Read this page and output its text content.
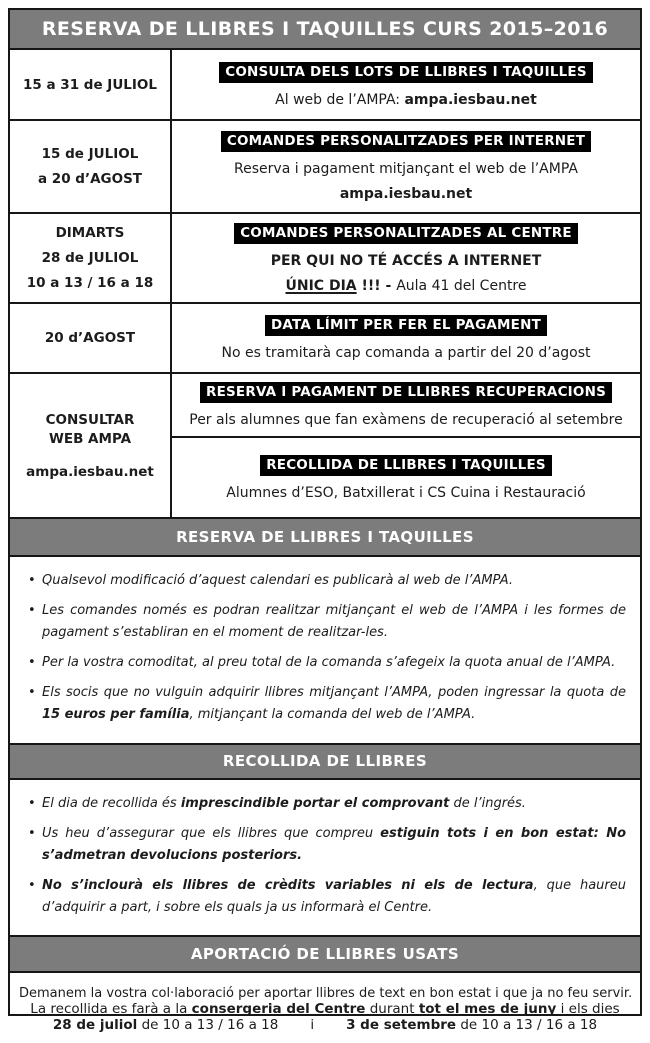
RESERVA DE LLIBRES I TAQUILLES CURS 2015–2016
15 a 31 de JULIOL
CONSULTA DELS LOTS DE LLIBRES I TAQUILLES
Al web de l’AMPA: ampa.iesbau.net
15 de JULIOL
a 20 d’AGOST
COMANDES PERSONALITZADES PER INTERNET
Reserva i pagament mitjançant el web de l’AMPA
ampa.iesbau.net
DIMARTS
28 de JULIOL
10 a 13 / 16 a 18
COMANDES PERSONALITZADES AL CENTRE
PER QUI NO TÉ ACCÉS A INTERNET
ÚNIC DIA !!! - Aula 41 del Centre
20 d’AGOST
DATA LÍMIT PER FER EL PAGAMENT
No es tramitarà cap comanda a partir del 20 d’agost
CONSULTAR
WEB AMPA
ampa.iesbau.net
RESERVA I PAGAMENT DE LLIBRES RECUPERACIONS
Per als alumnes que fan exàmens de recuperació al setembre
RECOLLIDA DE LLIBRES I TAQUILLES
Alumnes d’ESO, Batxillerat i CS Cuina i Restauració
RESERVA DE LLIBRES I TAQUILLES
• Qualsevol modificació d’aquest calendari es publicarà al web de l’AMPA.
• Les comandes només es podran realitzar mitjançant el web de l’AMPA i les formes de pagament s’establiran en el moment de realitzar-les.
• Per la vostra comoditat, al preu total de la comanda s’afegeix la quota anual de l’AMPA.
• Els socis que no vulguin adquirir llibres mitjançant l’AMPA, poden ingressar la quota de 15 euros per família, mitjançant la comanda del web de l’AMPA.
RECOLLIDA DE LLIBRES
• El dia de recollida és imprescindible portar el comprovant de l’ingrés.
• Us heu d’assegurar que els llibres que compreu estiguin tots i en bon estat: No s’admetran devolucions posteriors.
• No s’inclourà els llibres de crèdits variables ni els de lectura, que haureu d’adquirir a part, i sobre els quals ja us informarà el Centre.
APORTACIÓ DE LLIBRES USATS
Demanem la vostra col·laboració per aportar llibres de text en bon estat i que ja no feu servir.
La recollida es farà a la consergeria del Centre durant tot el mes de juny i els dies
28 de juliol de 10 a 13 / 16 a 18 i 3 de setembre de 10 a 13 / 16 a 18
